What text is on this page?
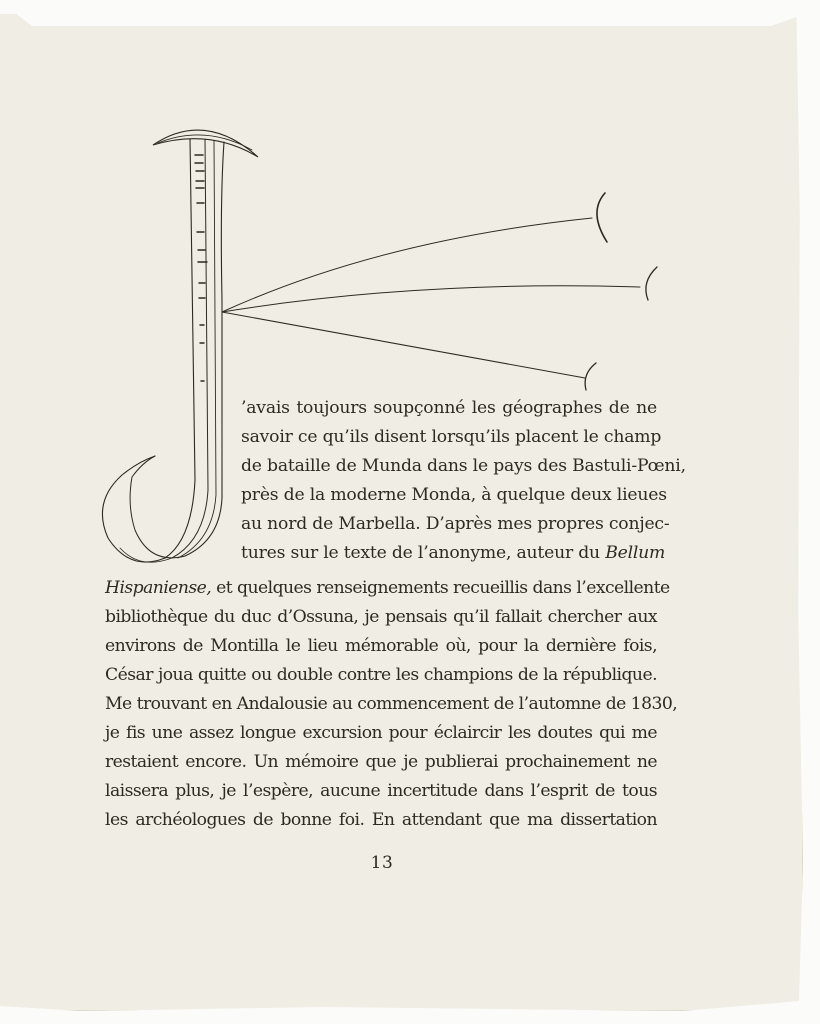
’avais toujours soupçonné les géographes de ne
savoir ce qu’ils disent lorsqu’ils placent le champ
de bataille de Munda dans le pays des Bastuli-Pœni,
près de la moderne Monda, à quelque deux lieues
au nord de Marbella. D’après mes propres conjec-
tures sur le texte de l’anonyme, auteur du Bellum
Hispaniense, et quelques renseignements recueillis dans l’excellente
bibliothèque du duc d’Ossuna, je pensais qu’il fallait chercher aux
environs de Montilla le lieu mémorable où, pour la dernière fois,
César joua quitte ou double contre les champions de la république.
Me trouvant en Andalousie au commencement de l’automne de 1830,
je fis une assez longue excursion pour éclaircir les doutes qui me
restaient encore. Un mémoire que je publierai prochainement ne
laissera plus, je l’espère, aucune incertitude dans l’esprit de tous
les archéologues de bonne foi. En attendant que ma dissertation
13
